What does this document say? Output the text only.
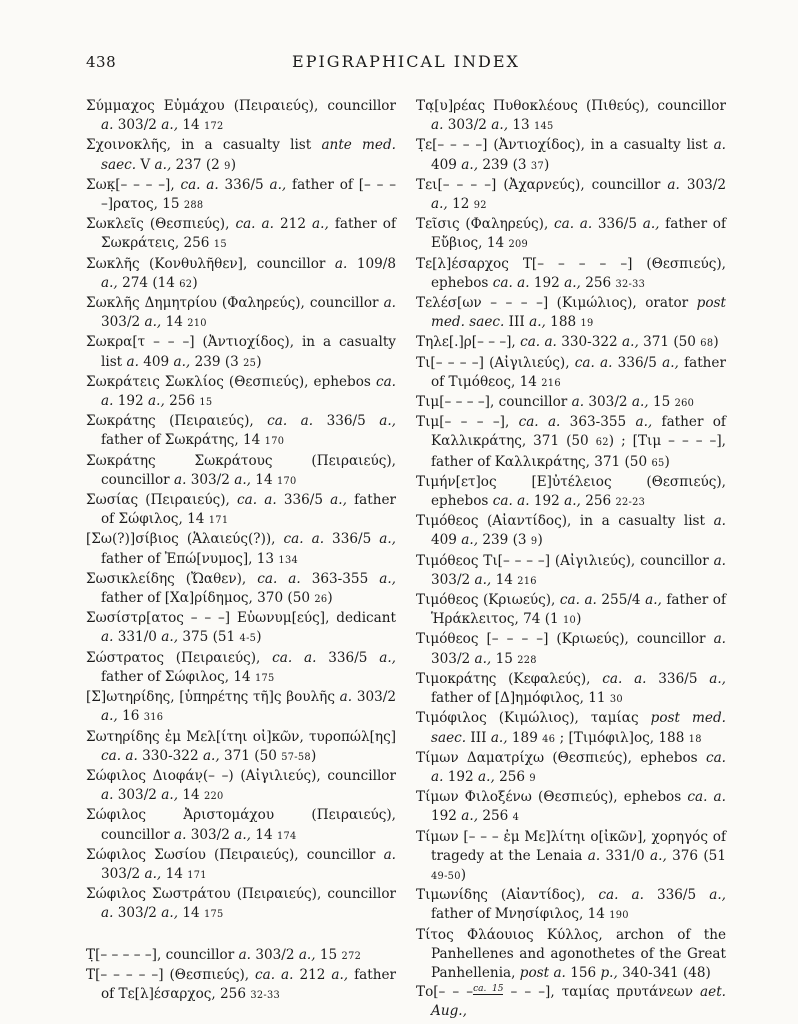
438	EPIGRAPHICAL INDEX

Σύμμαχος Εὐμάχου (Πειραιεύς), councillor a. 303/2 a., 14 172

Σχοινοκλῆς, in a casualty list ante med. saec. V a., 237 (2 9)

Σωκ̣[– – – –], ca. a. 336/5 a., father of [– – – –]ρατος, 15 288

Σωκλεῖς (Θεσπιεύς), ca. a. 212 a., father of Σωκράτεις, 256 15

Σωκλῆς (Κονθυλῆθεν], councillor a. 109/8 a., 274 (14 62)

Σωκλῆς Δημητρίου (Φαληρεύς), councillor a. 303/2 a., 14 210

Σωκρα[τ – – –] (Ἀντιοχίδος), in a casualty list a. 409 a., 239 (3 25)

Σωκράτεις Σωκλίος (Θεσπιεύς), ephebos ca. a. 192 a., 256 15

Σωκράτης (Πειραιεύς), ca. a. 336/5 a., father of Σωκράτης, 14 170

Σωκράτης Σωκράτους (Πειραιεύς), councillor a. 303/2 a., 14 170

Σωσίας (Πειραιεύς), ca. a. 336/5 a., father of Σώφιλος, 14 171

[Σω(?)]σίβιος (Ἁλαιεύς(?)), ca. a. 336/5 a., father of Ἐπώ[νυμος], 13 134

Σωσικλείδης (Ὤαθεν), ca. a. 363-355 a., father of [Χα]ρίδημος, 370 (50 26)

Σωσίστρ[ατος – – –] Εὐωνυμ[εύς], dedicant a. 331/0 a., 375 (51 4-5)

Σώστρατος (Πειραιεύς), ca. a. 336/5 a., father of Σώφιλος, 14 175

[Σ]ωτηρίδης, [ὑπηρέτης τῆ]ς βουλῆς a. 303/2 a., 16 316

Σωτηρίδης ἐμ Μελ[ίτηι οἰ]κῶν, τυροπώλ[ης] ca. a. 330-322 a., 371 (50 57-58)

Σώφιλος Διοφάν̣(– –) (Αἰγιλιεύς), councillor a. 303/2 a., 14 220

Σώφιλος Ἀριστομάχου (Πειραιεύς), councillor a. 303/2 a., 14 174

Σώφιλος Σωσίου (Πειραιεύς), councillor a. 303/2 a., 14 171

Σώφιλος Σωστράτου (Πειραιεύς), councillor a. 303/2 a., 14 175

Τ̣[– – – – –], councillor a. 303/2 a., 15 272

Τ[– – – – –] (Θεσπιεύς), ca. a. 212 a., father of Τε[λ]έσαρχος, 256 32-33

Τα̣[υ]ρέας Πυθοκλέους (Πιθεύς), councillor a. 303/2 a., 13 145

Τ̣ε[– – – –] (Ἀντιοχίδος), in a casualty list a. 409 a., 239 (3 37)

Τει[– – – –] (Ἀχαρνεύς), councillor a. 303/2 a., 12 92

Τεῖσις (Φαληρεύς), ca. a. 336/5 a., father of Εὔβιος, 14 209

Τε[λ]έσαρχος Τ[– – – – –] (Θεσπιεύς), ephebos ca. a. 192 a., 256 32-33

Τελέσ[ων – – – –] (Κιμώλιος), orator post med. saec. III a., 188 19

Τηλε[.]ρ[– – –], ca. a. 330-322 a., 371 (50 68)

Τι[– – – –] (Αἰγιλιεύς), ca. a. 336/5 a., father of Τιμόθεος, 14 216

Τιμ[– – – –], councillor a. 303/2 a., 15 260

Τιμ[– – – –], ca. a. 363-355 a., father of Καλλικράτης, 371 (50 62) ; [Τιμ – – – –], father of Καλλικράτης, 371 (50 65)

Τιμήν[ετ]ος [Ε]ὐτέλειος (Θεσπιεύς), ephebos ca. a. 192 a., 256 22-23

Τιμόθεος (Αἰαντίδος), in a casualty list a. 409 a., 239 (3 9)

Τιμόθεος Τι[– – – –] (Αἰγιλιεύς), councillor a. 303/2 a., 14 216

Τιμόθεος (Κριωεύς), ca. a. 255/4 a., father of Ἡράκλειτος, 74 (1 10)

Τιμόθεος [– – – –] (Κριωεύς), councillor a. 303/2 a., 15 228

Τιμοκράτης (Κεφαλεύς), ca. a. 336/5 a., father of [Δ]ημόφιλος, 11 30

Τιμόφιλος (Κιμώλιος), ταμίας post med. saec. III a., 189 46 ; [Τιμόφιλ]ος, 188 18

Τίμων Δαματρίχω (Θεσπιεύς), ephebos ca. a. 192 a., 256 9

Τίμων Φιλοξένω (Θεσπιεύς), ephebos ca. a. 192 a., 256 4

Τίμων [– – – ἐμ Με]λίτηι ο[ἰκῶν], χορηγός of tragedy at the Lenaia a. 331/0 a., 376 (51 49-50)

Τιμωνίδης (Αἰαντίδος), ca. a. 336/5 a., father of Μνησίφιλος, 14 190

Τίτος Φλάουιος Κύλλος, archon of the Panhellenes and agonothetes of the Great Panhellenia, post a. 156 p., 340-341 (48)

Το[– – –$^{ca. 15}$ – – –], ταμίας πρυτάνεων aet. Aug.,
